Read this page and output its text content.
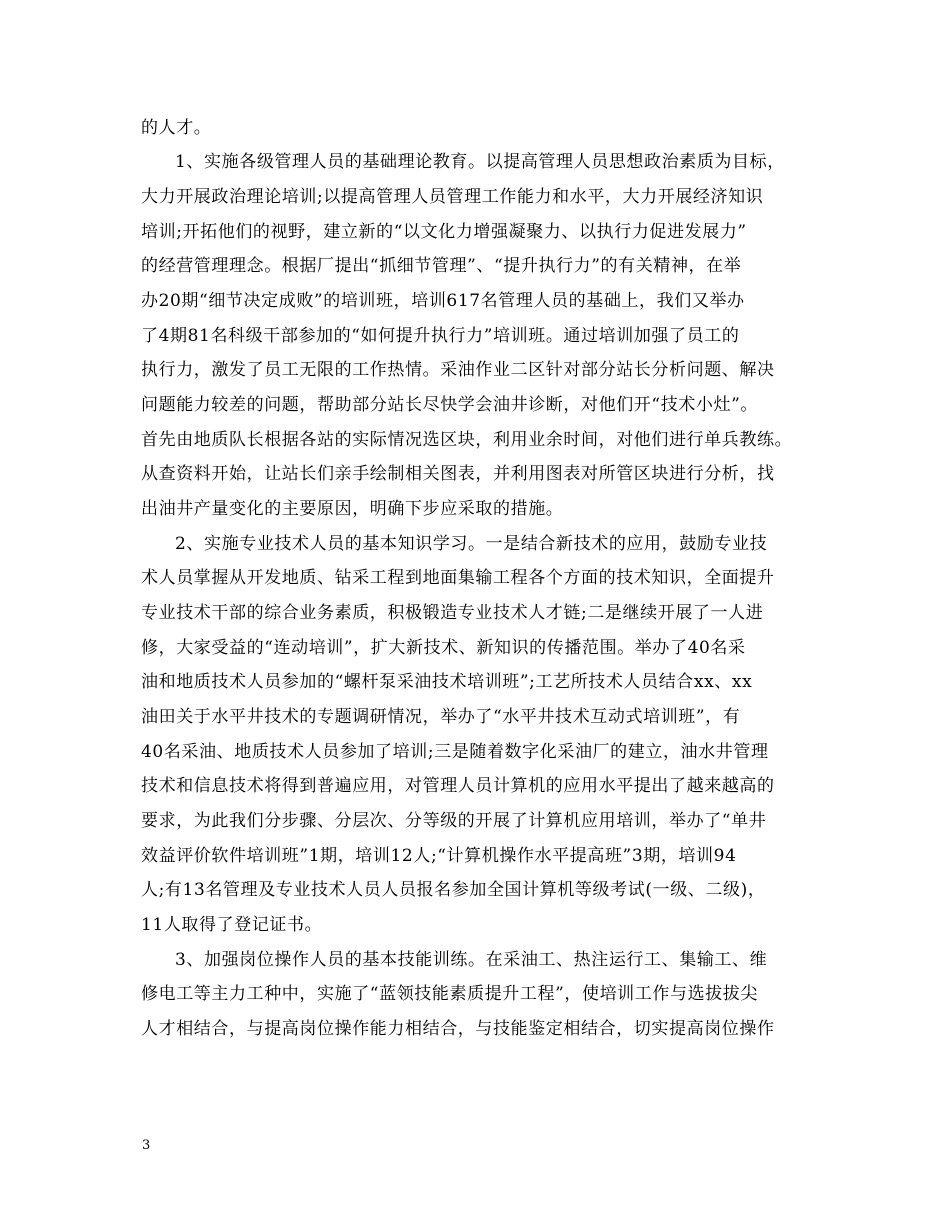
的人才。
1、实施各级管理人员的基础理论教育。以提高管理人员思想政治素质为目标，
大力开展政治理论培训;以提高管理人员管理工作能力和水平，大力开展经济知识
培训;开拓他们的视野，建立新的“以文化力增强凝聚力、以执行力促进发展力”
的经营管理理念。根据厂提出“抓细节管理”、“提升执行力”的有关精神，在举
办20期“细节决定成败”的培训班，培训617名管理人员的基础上，我们又举办
了4期81名科级干部参加的“如何提升执行力”培训班。通过培训加强了员工的
执行力，激发了员工无限的工作热情。采油作业二区针对部分站长分析问题、解决
问题能力较差的问题，帮助部分站长尽快学会油井诊断，对他们开“技术小灶”。
首先由地质队长根据各站的实际情况选区块，利用业余时间，对他们进行单兵教练。
从查资料开始，让站长们亲手绘制相关图表，并利用图表对所管区块进行分析，找
出油井产量变化的主要原因，明确下步应采取的措施。
2、实施专业技术人员的基本知识学习。一是结合新技术的应用，鼓励专业技
术人员掌握从开发地质、钻采工程到地面集输工程各个方面的技术知识，全面提升
专业技术干部的综合业务素质，积极锻造专业技术人才链;二是继续开展了一人进
修，大家受益的“连动培训”，扩大新技术、新知识的传播范围。举办了40名采
油和地质技术人员参加的“螺杆泵采油技术培训班”;工艺所技术人员结合xx、xx
油田关于水平井技术的专题调研情况，举办了“水平井技术互动式培训班”，有
40名采油、地质技术人员参加了培训;三是随着数字化采油厂的建立，油水井管理
技术和信息技术将得到普遍应用，对管理人员计算机的应用水平提出了越来越高的
要求，为此我们分步骤、分层次、分等级的开展了计算机应用培训，举办了“单井
效益评价软件培训班”1期，培训12人;“计算机操作水平提高班”3期，培训94
人;有13名管理及专业技术人员人员报名参加全国计算机等级考试(一级、二级)，
11人取得了登记证书。
3、加强岗位操作人员的基本技能训练。在采油工、热注运行工、集输工、维
修电工等主力工种中，实施了“蓝领技能素质提升工程”，使培训工作与选拔拔尖
人才相结合，与提高岗位操作能力相结合，与技能鉴定相结合，切实提高岗位操作
3
